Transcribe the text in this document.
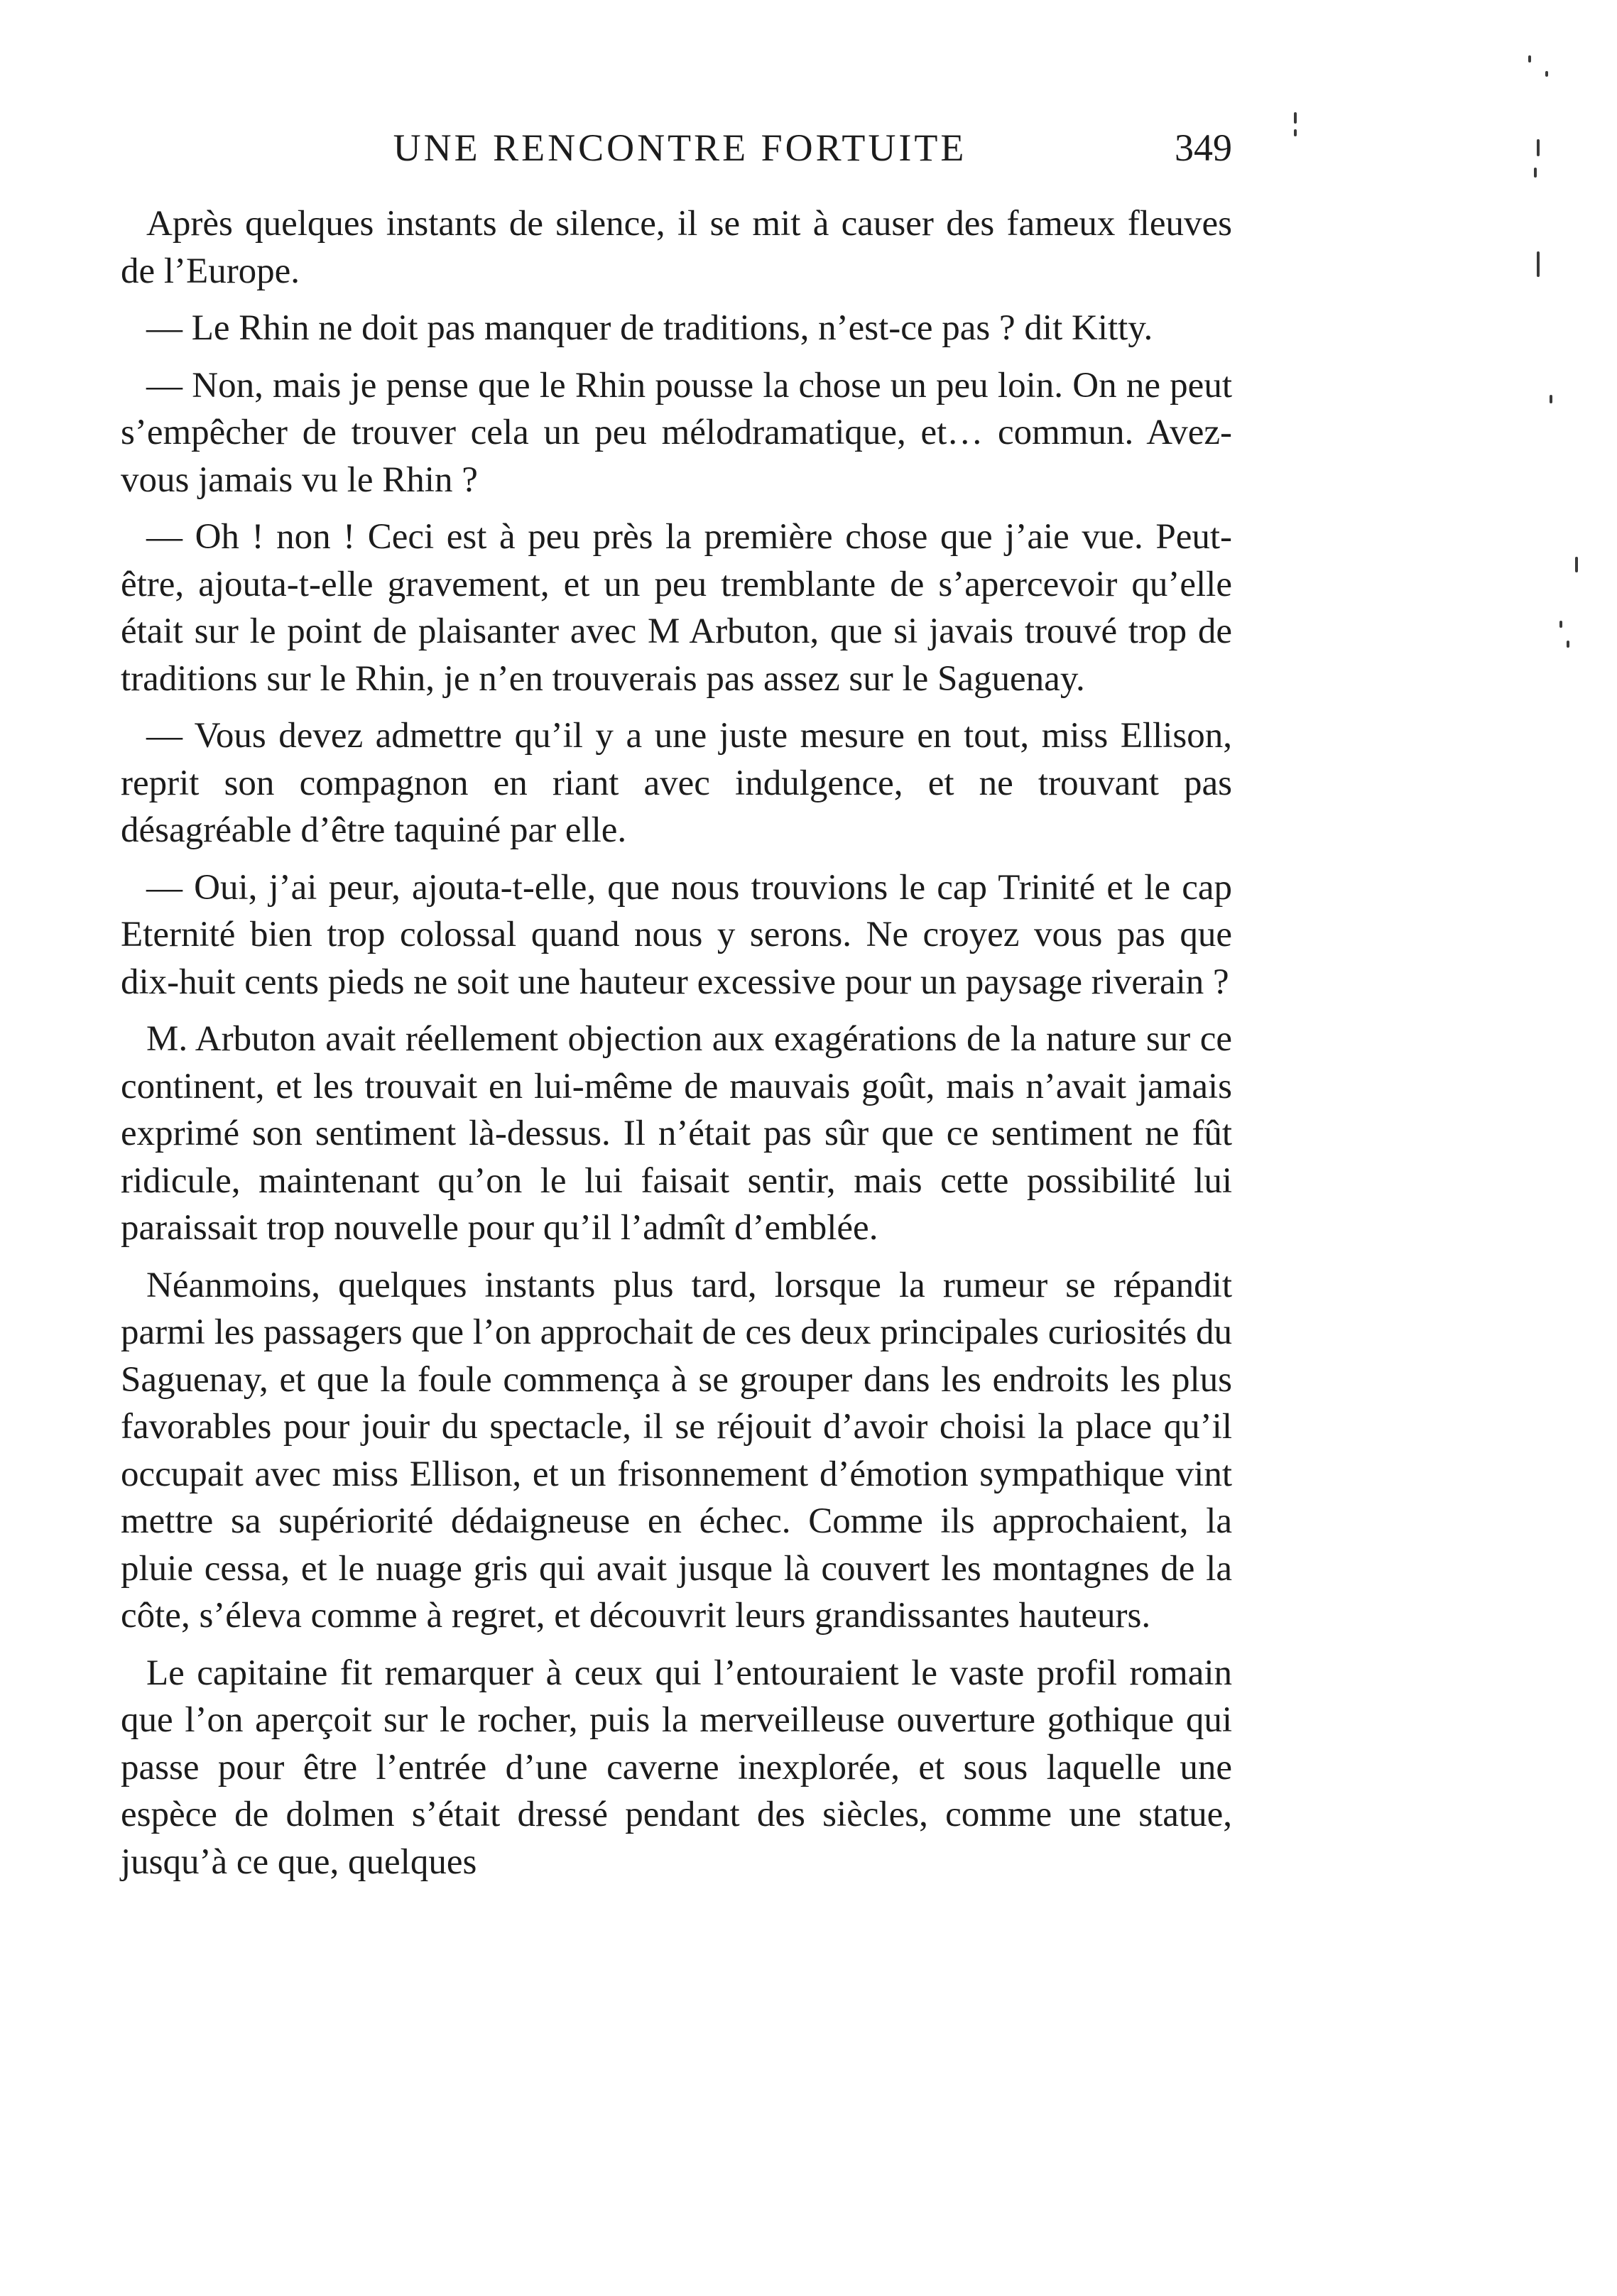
UNE RENCONTRE FORTUITE	349

Après quelques instants de silence, il se mit à causer des fameux fleuves de l’Europe.

— Le Rhin ne doit pas manquer de traditions, n’est-ce pas ? dit Kitty.

— Non, mais je pense que le Rhin pousse la chose un peu loin. On ne peut s’empêcher de trouver cela un peu mélodramatique, et… commun. Avez-vous jamais vu le Rhin ?

— Oh ! non ! Ceci est à peu près la première chose que j’aie vue. Peut-être, ajouta-t-elle gravement, et un peu tremblante de s’apercevoir qu’elle était sur le point de plaisanter avec M Arbuton, que si javais trouvé trop de traditions sur le Rhin, je n’en trouverais pas assez sur le Saguenay.

— Vous devez admettre qu’il y a une juste mesure en tout, miss Ellison, reprit son compagnon en riant avec indulgence, et ne trouvant pas désagréable d’être taquiné par elle.

— Oui, j’ai peur, ajouta-t-elle, que nous trouvions le cap Trinité et le cap Eternité bien trop colossal quand nous y serons. Ne croyez vous pas que dix-huit cents pieds ne soit une hauteur excessive pour un paysage riverain ?

M. Arbuton avait réellement objection aux exagérations de la nature sur ce continent, et les trouvait en lui-même de mauvais goût, mais n’avait jamais exprimé son sentiment là-dessus. Il n’était pas sûr que ce sentiment ne fût ridicule, maintenant qu’on le lui faisait sentir, mais cette possibilité lui paraissait trop nouvelle pour qu’il l’admît d’emblée.

Néanmoins, quelques instants plus tard, lorsque la rumeur se répandit parmi les passagers que l’on approchait de ces deux principales curiosités du Saguenay, et que la foule commença à se grouper dans les endroits les plus favorables pour jouir du spectacle, il se réjouit d’avoir choisi la place qu’il occupait avec miss Ellison, et un frisonnement d’émotion sympathique vint mettre sa supériorité dédaigneuse en échec. Comme ils approchaient, la pluie cessa, et le nuage gris qui avait jusque là couvert les montagnes de la côte, s’éleva comme à regret, et découvrit leurs grandissantes hauteurs.

Le capitaine fit remarquer à ceux qui l’entouraient le vaste profil romain que l’on aperçoit sur le rocher, puis la merveilleuse ouverture gothique qui passe pour être l’entrée d’une caverne inexplorée, et sous laquelle une espèce de dolmen s’était dressé pendant des siècles, comme une statue, jusqu’à ce que, quelques
